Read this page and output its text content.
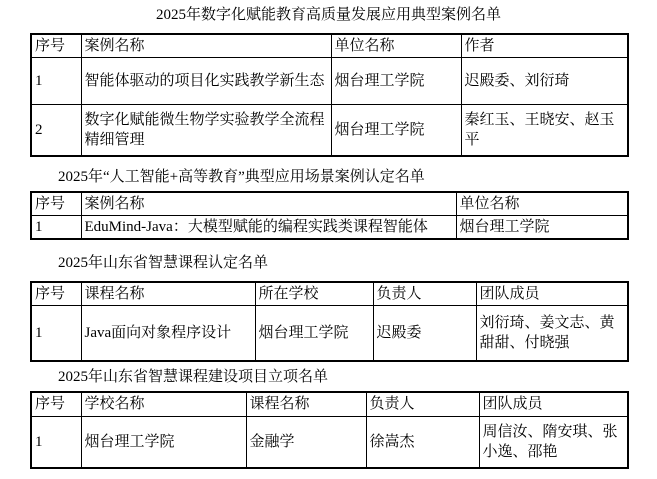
2025年数字化赋能教育高质量发展应用典型案例名单
序号	案例名称	单位名称	作者
1	智能体驱动的项目化实践教学新生态	烟台理工学院	迟殿委、刘衍琦
2	数字化赋能微生物学实验教学全流程精细管理	烟台理工学院	秦红玉、王晓安、赵玉平
2025年“人工智能+高等教育”典型应用场景案例认定名单
序号	案例名称	单位名称
1	EduMind-Java：大模型赋能的编程实践类课程智能体	烟台理工学院
2025年山东省智慧课程认定名单
序号	课程名称	所在学校	负责人	团队成员
1	Java面向对象程序设计	烟台理工学院	迟殿委	刘衍琦、姜文志、黄甜甜、付晓强
2025年山东省智慧课程建设项目立项名单
序号	学校名称	课程名称	负责人	团队成员
1	烟台理工学院	金融学	徐嵩杰	周信汝、隋安琪、张小逸、邵艳
